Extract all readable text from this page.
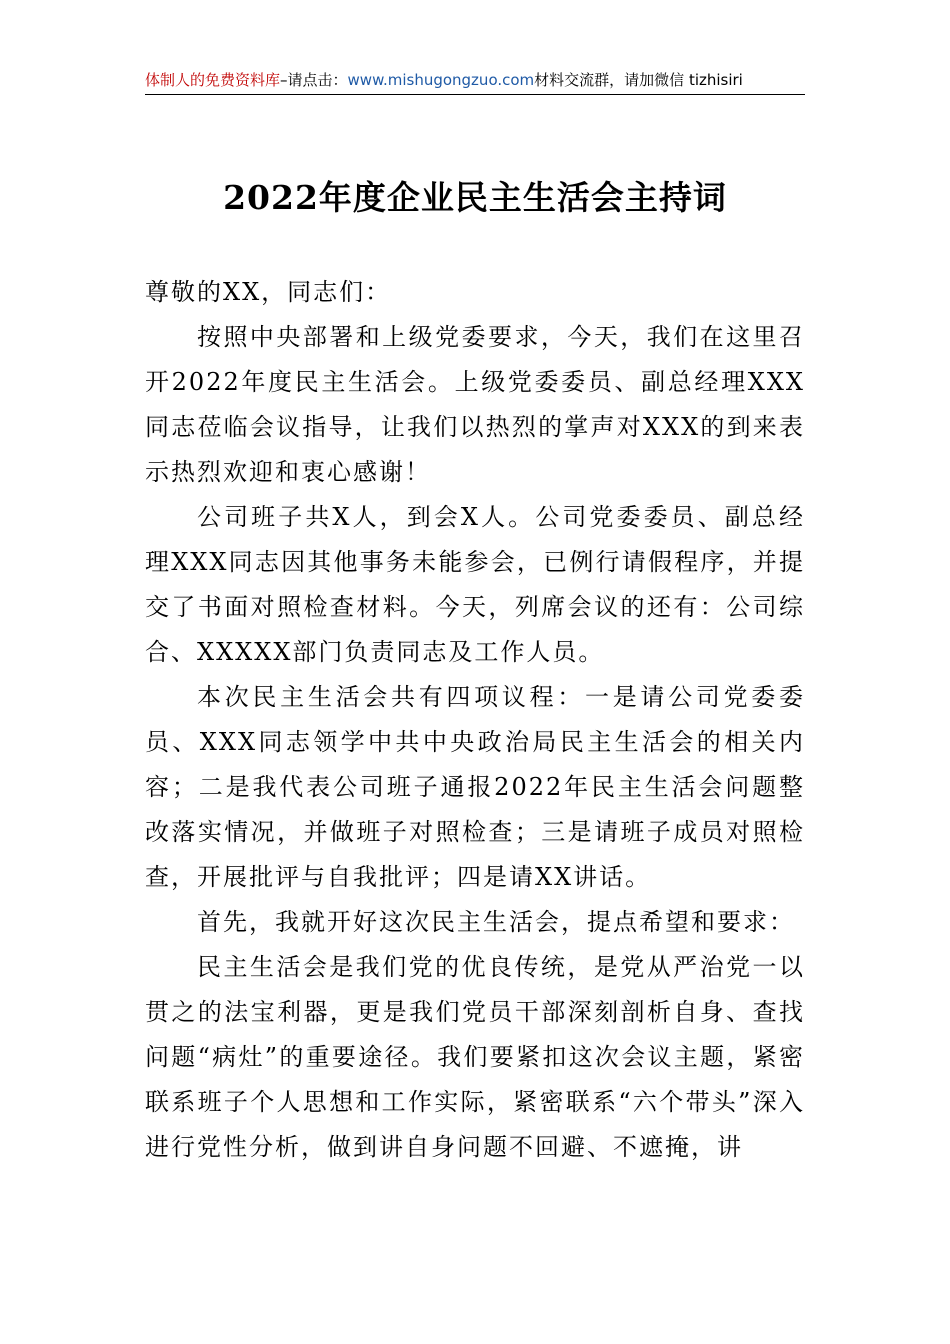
体制人的免费资料库–请点击：www.mishugongzuo.com材料交流群，请加微信 tizhisiri
2022年度企业民主生活会主持词

尊敬的XX，同志们：

按照中央部署和上级党委要求，今天，我们在这里召开2022年度民主生活会。上级党委委员、副总经理XXX同志莅临会议指导，让我们以热烈的掌声对XXX的到来表示热烈欢迎和衷心感谢！

公司班子共X人，到会X人。公司党委委员、副总经理XXX同志因其他事务未能参会，已例行请假程序，并提交了书面对照检查材料。今天，列席会议的还有：公司综合、XXXXX部门负责同志及工作人员。

本次民主生活会共有四项议程：一是请公司党委委员、XXX同志领学中共中央政治局民主生活会的相关内容；二是我代表公司班子通报2022年民主生活会问题整改落实情况，并做班子对照检查；三是请班子成员对照检查，开展批评与自我批评；四是请XX讲话。

首先，我就开好这次民主生活会，提点希望和要求：

民主生活会是我们党的优良传统，是党从严治党一以贯之的法宝利器，更是我们党员干部深刻剖析自身、查找问题“病灶”的重要途径。我们要紧扣这次会议主题，紧密联系班子个人思想和工作实际，紧密联系“六个带头”深入进行党性分析，做到讲自身问题不回避、不遮掩，讲
